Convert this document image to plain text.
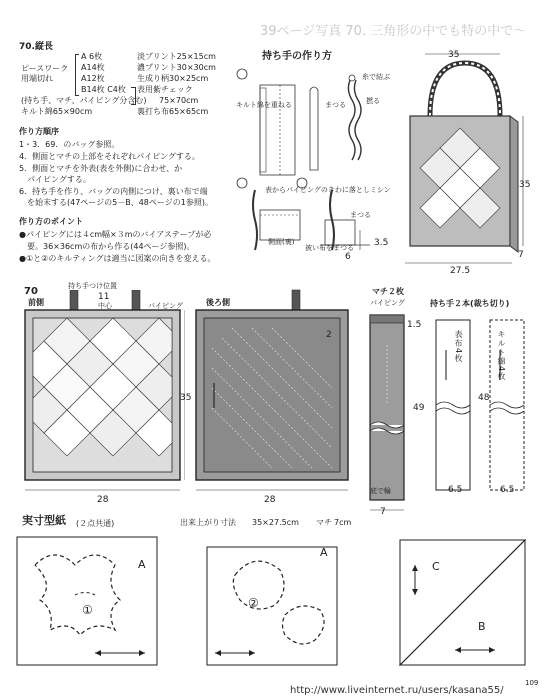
39ページ写真 70. 三角形の中でも特の中で〜
70.縦長
ピースワーク
用端切れ
(持ち手、マチ、パイピング分含む)
キルト綿65×90cm
A 6枚	淡プリント25×15cm
A14枚	濃プリント30×30cm
A12枚	生成り柄30×25cm
B14枚 C4枚 表用紫チェック
75×70cm
裏打ち布65×65cm
作り方順序
1・3．69．のバッグ参照。
4．側面とマチの上部をそれぞれパイピングする。
5．側面とマチを外表(表を外側)に合わせ、か
　パイピングする。
6．持ち手を作り、バッグの内側につけ、裏い布で端
　を始末する(47ページの5－B、48ページの1参照)。
作り方のポイント
●パイピングには４cm幅×３mのバイアステープが必
　要。36×36cmの布から作る(44ページ参照)。
●①と②のキルティングは適当に図案の向きを変える。
持ち手の作り方
キルト綿を重ねる	まつる
糸で結ぶ
撚る
表からパイピングのきわに落としミシン
側面(裏)
被い布をまつる
まつる
3.5
6
35
35
27.5
7
70
前側
持ち手つけ位置
中心	パイピング
11
28
35
後ろ側
28
2
マチ２枚
パイピング
1.5
49
底で輪
7
持ち手２本(裁ち切り)
表布4枚	キルト綿4枚
48
6.5	6.5
実寸型紙 (２点共通)	出来上がり寸法 35×27.5cm マチ 7cm
A
①
A
②
C
B
109
http://www.liveinternet.ru/users/kasana55/
